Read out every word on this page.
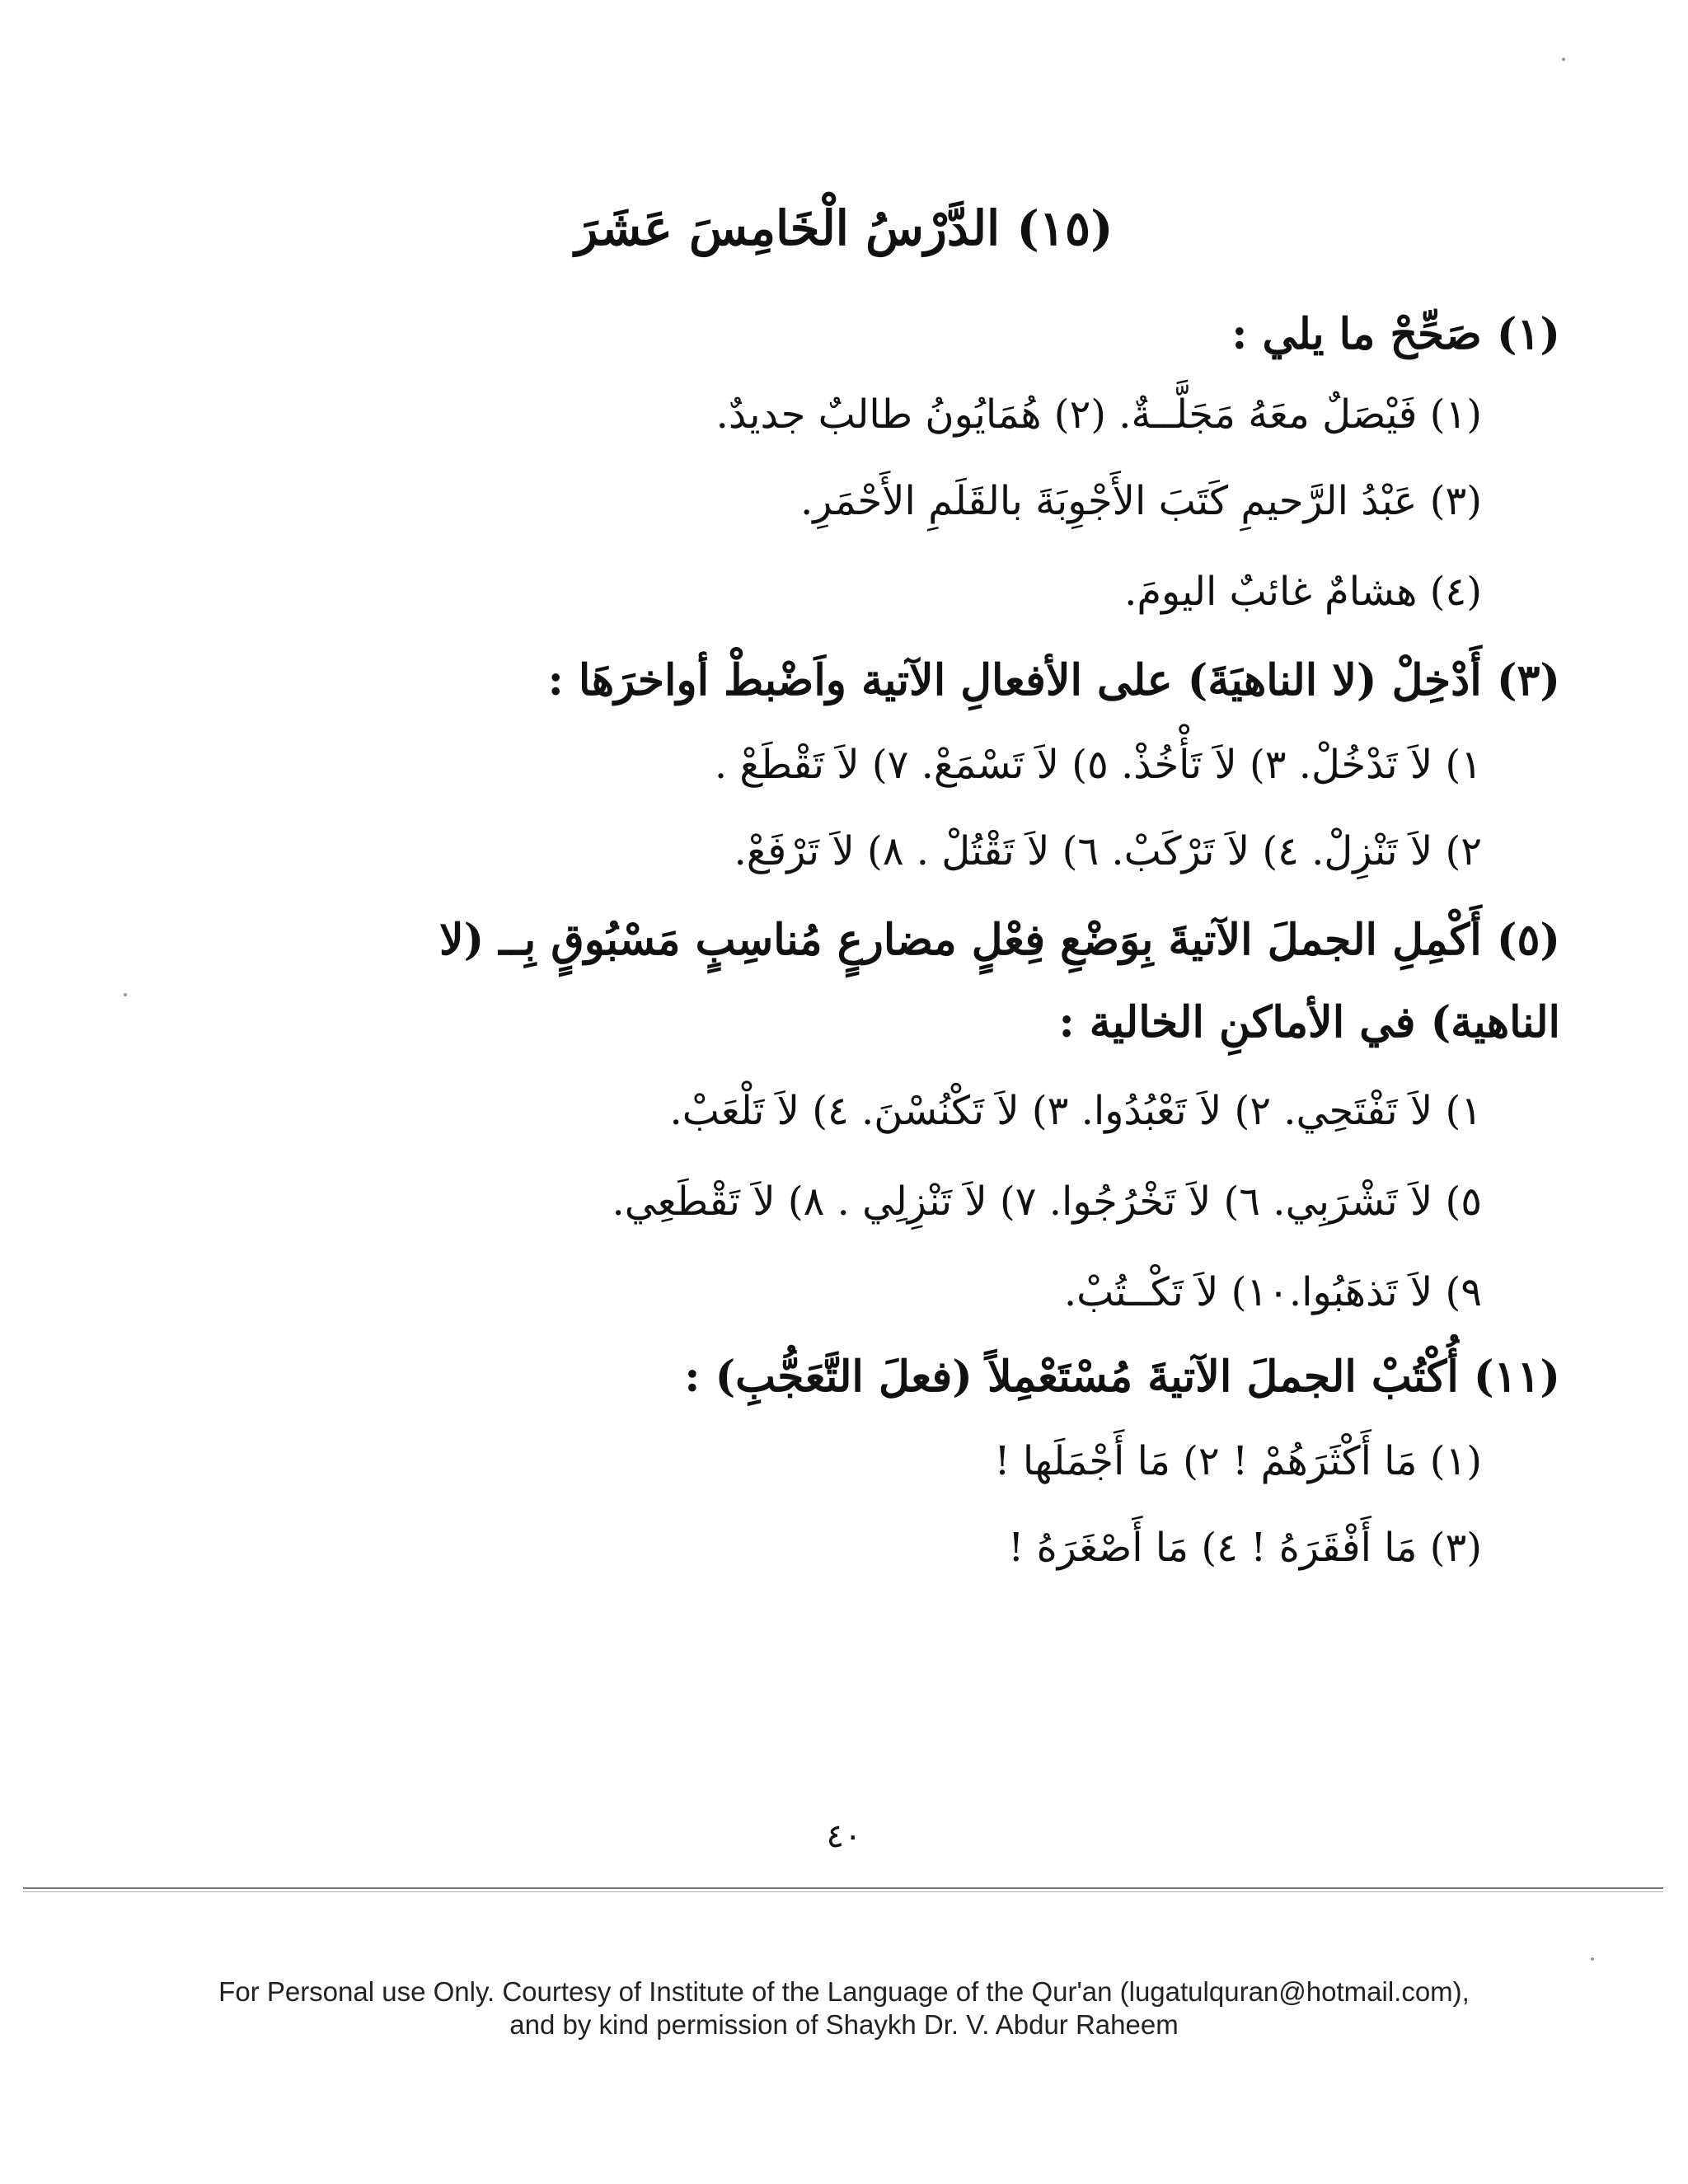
(١٥) الدَّرْسُ الْخَامِسَ عَشَرَ
(١) صَحِّحْ ما يلي :
(١) فَيْصَلٌ معَهُ مَجَلَّــةٌ. (٢) هُمَايُونُ طالبٌ جديدٌ.
(٣) عَبْدُ الرَّحيمِ كَتَبَ الأَجْوِبَةَ بالقَلَمِ الأَحْمَرِ.
(٤) هشامٌ غائبٌ اليومَ.
(٣) أَدْخِلْ (لا الناهيَةَ) على الأفعالِ الآتية واَضْبطْ أواخرَهَا :
١) لاَ تَدْخُلْ. ٣) لاَ تَأْخُذْ. ٥) لاَ تَسْمَعْ. ٧) لاَ تَقْطَعْ .
٢) لاَ تَنْزِلْ. ٤) لاَ تَرْكَبْ. ٦) لاَ تَقْتُلْ . ٨) لاَ تَرْفَعْ.
(٥) أَكْمِلِ الجملَ الآتيةَ بِوَضْعِ فِعْلٍ مضارعٍ مُناسِبٍ مَسْبُوقٍ بِــ (لا
الناهية) في الأماكنِ الخالية :
١) لاَ تَفْتَحِي. ٢) لاَ تَعْبُدُوا. ٣) لاَ تَكْنُسْنَ. ٤) لاَ تَلْعَبْ.
٥) لاَ تَشْرَبِي. ٦) لاَ تَخْرُجُوا. ٧) لاَ تَنْزِلِي . ٨) لاَ تَقْطَعِي.
٩) لاَ تَذهَبُوا.١٠) لاَ تَكْــتُبْ.
(١١) أُكْتُبْ الجملَ الآتيةَ مُسْتَعْمِلاً (فعلَ التَّعَجُّبِ) :
(١) مَا أَكْثَرَهُمْ ! ٢) مَا أَجْمَلَها !
(٣) مَا أَفْقَرَهُ ! ٤) مَا أَصْغَرَهُ !
٤٠
For Personal use Only. Courtesy of Institute of the Language of the Qur'an (lugatulquran@hotmail.com),
and by kind permission of Shaykh Dr. V. Abdur Raheem
